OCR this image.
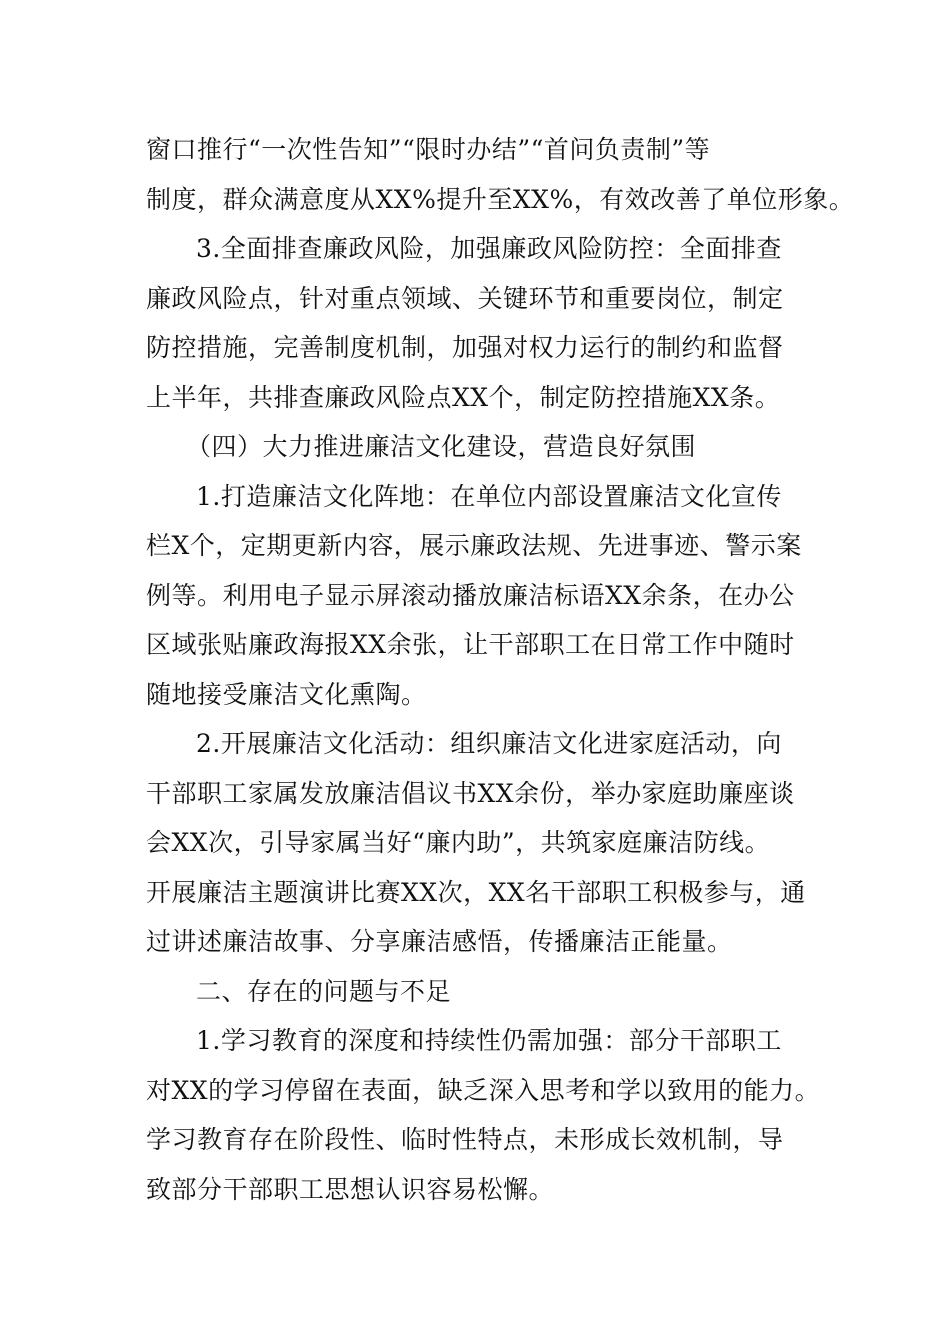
窗口推行“一次性告知”“限时办结”“首问负责制”等
制度，群众满意度从XX%提升至XX%，有效改善了单位形象。
3.全面排查廉政风险，加强廉政风险防控：全面排查
廉政风险点，针对重点领域、关键环节和重要岗位，制定
防控措施，完善制度机制，加强对权力运行的制约和监督
上半年，共排查廉政风险点XX个，制定防控措施XX条。
（四）大力推进廉洁文化建设，营造良好氛围
1.打造廉洁文化阵地：在单位内部设置廉洁文化宣传
栏X个，定期更新内容，展示廉政法规、先进事迹、警示案
例等。利用电子显示屏滚动播放廉洁标语XX余条，在办公
区域张贴廉政海报XX余张，让干部职工在日常工作中随时
随地接受廉洁文化熏陶。
2.开展廉洁文化活动：组织廉洁文化进家庭活动，向
干部职工家属发放廉洁倡议书XX余份，举办家庭助廉座谈
会XX次，引导家属当好“廉内助”，共筑家庭廉洁防线。
开展廉洁主题演讲比赛XX次，XX名干部职工积极参与，通
过讲述廉洁故事、分享廉洁感悟，传播廉洁正能量。
二、存在的问题与不足
1.学习教育的深度和持续性仍需加强：部分干部职工
对XX的学习停留在表面，缺乏深入思考和学以致用的能力。
学习教育存在阶段性、临时性特点，未形成长效机制，导
致部分干部职工思想认识容易松懈。
